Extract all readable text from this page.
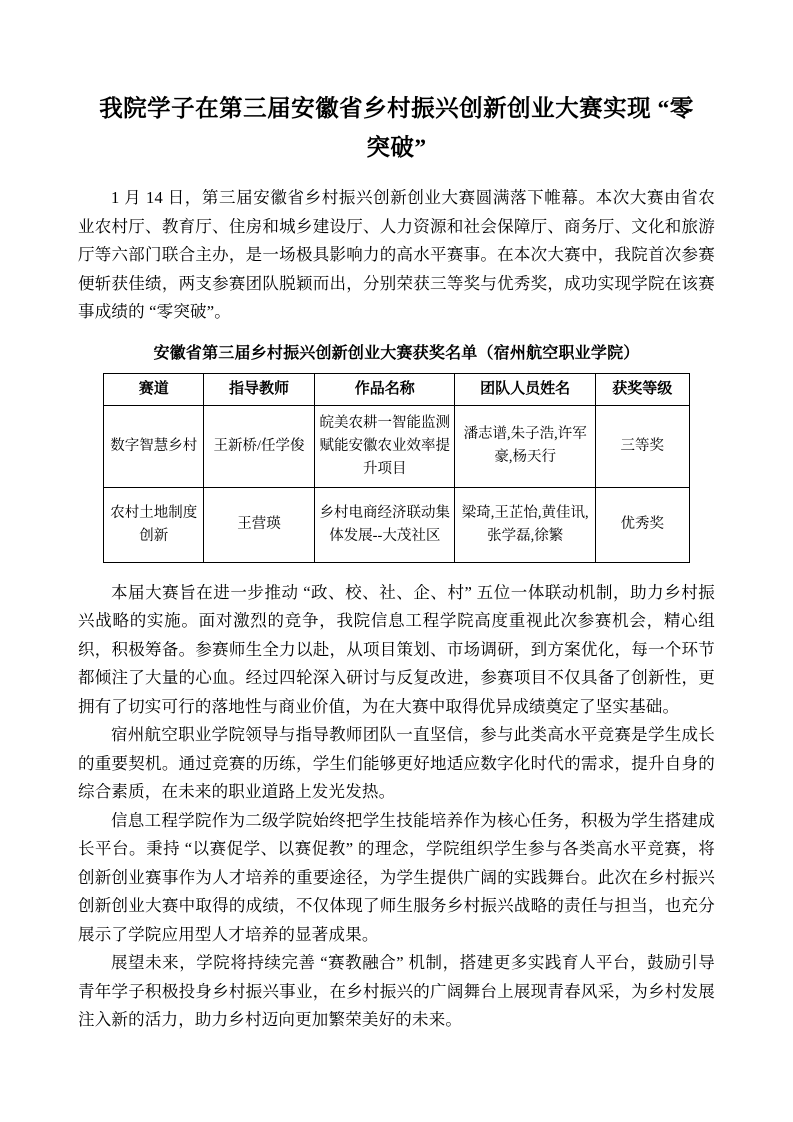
我院学子在第三届安徽省乡村振兴创新创业大赛实现 “零突破”

1 月 14 日，第三届安徽省乡村振兴创新创业大赛圆满落下帷幕。本次大赛由省农业农村厅、教育厅、住房和城乡建设厅、人力资源和社会保障厅、商务厅、文化和旅游厅等六部门联合主办，是一场极具影响力的高水平赛事。在本次大赛中，我院首次参赛便斩获佳绩，两支参赛团队脱颖而出，分别荣获三等奖与优秀奖，成功实现学院在该赛事成绩的 “零突破”。

安徽省第三届乡村振兴创新创业大赛获奖名单（宿州航空职业学院）
赛道	指导教师	作品名称	团队人员姓名	获奖等级
数字智慧乡村	王新桥/任学俊	皖美农耕一智能监测赋能安徽农业效率提升项目	潘志谱,朱子浩,许军豪,杨天行	三等奖
农村土地制度创新	王营瑛	乡村电商经济联动集体发展--大茂社区	梁琦,王芷怡,黄佳讯,张学磊,徐繁	优秀奖

本届大赛旨在进一步推动 “政、校、社、企、村” 五位一体联动机制，助力乡村振兴战略的实施。面对激烈的竞争，我院信息工程学院高度重视此次参赛机会，精心组织，积极筹备。参赛师生全力以赴，从项目策划、市场调研，到方案优化，每一个环节都倾注了大量的心血。经过四轮深入研讨与反复改进，参赛项目不仅具备了创新性，更拥有了切实可行的落地性与商业价值，为在大赛中取得优异成绩奠定了坚实基础。

宿州航空职业学院领导与指导教师团队一直坚信，参与此类高水平竞赛是学生成长的重要契机。通过竞赛的历练，学生们能够更好地适应数字化时代的需求，提升自身的综合素质，在未来的职业道路上发光发热。

信息工程学院作为二级学院始终把学生技能培养作为核心任务，积极为学生搭建成长平台。秉持 “以赛促学、以赛促教” 的理念，学院组织学生参与各类高水平竞赛，将创新创业赛事作为人才培养的重要途径，为学生提供广阔的实践舞台。此次在乡村振兴创新创业大赛中取得的成绩，不仅体现了师生服务乡村振兴战略的责任与担当，也充分展示了学院应用型人才培养的显著成果。

展望未来，学院将持续完善 “赛教融合” 机制，搭建更多实践育人平台，鼓励引导青年学子积极投身乡村振兴事业，在乡村振兴的广阔舞台上展现青春风采，为乡村发展注入新的活力，助力乡村迈向更加繁荣美好的未来。
